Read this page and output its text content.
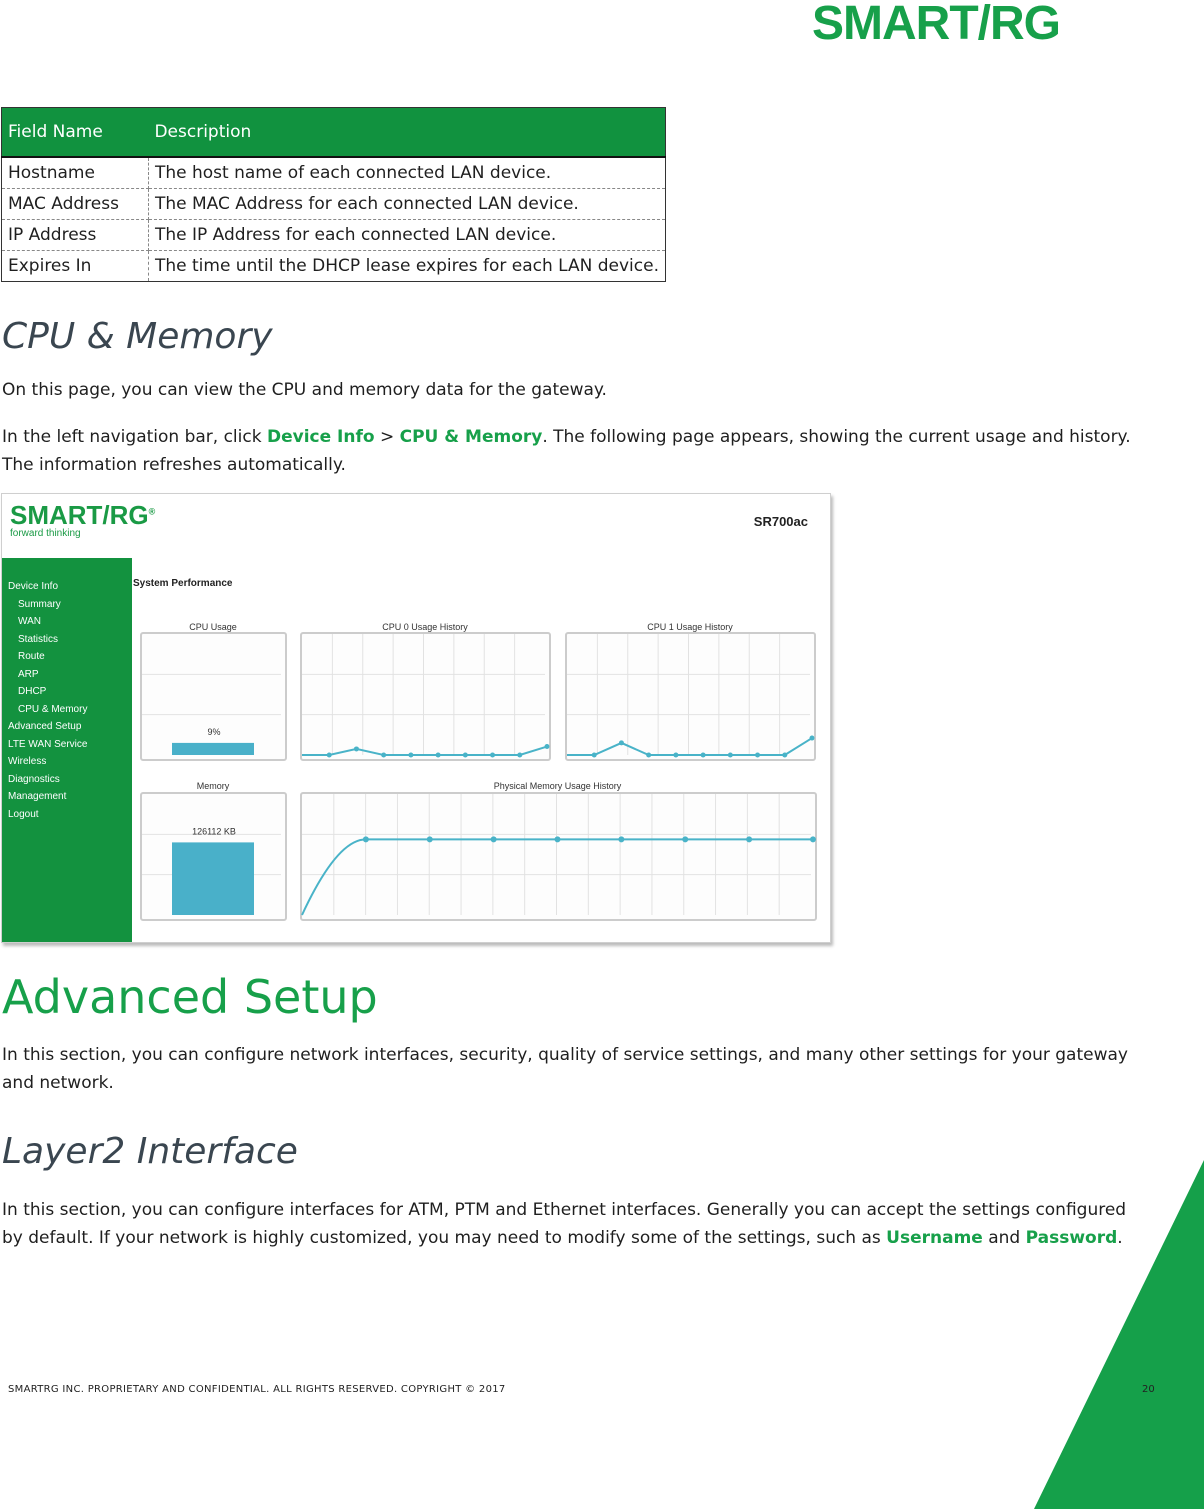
SMART/RG
Field Name	Description
Hostname	The host name of each connected LAN device.
MAC Address	The MAC Address for each connected LAN device.
IP Address	The IP Address for each connected LAN device.
Expires In	The time until the DHCP lease expires for each LAN device.
CPU & Memory

On this page, you can view the CPU and memory data for the gateway.

In the left navigation bar, click Device Info > CPU & Memory. The following page appears, showing the current usage and history. The information refreshes automatically.

SMART/RG®
forward thinking
SR700ac
Device Info
Summary
WAN
Statistics
Route
ARP
DHCP
CPU & Memory
Advanced Setup
LTE WAN Service
Wireless
Diagnostics
Management
Logout
System Performance
CPU Usage	CPU 0 Usage History	CPU 1 Usage History
Memory	Physical Memory Usage History
9%
126112 KB
Advanced Setup

In this section, you can configure network interfaces, security, quality of service settings, and many other settings for your gateway and network.

Layer2 Interface

In this section, you can configure interfaces for ATM, PTM and Ethernet interfaces. Generally you can accept the settings configured by default. If your network is highly customized, you may need to modify some of the settings, such as Username and Password.

SMARTRG INC. PROPRIETARY AND CONFIDENTIAL. ALL RIGHTS RESERVED. COPYRIGHT © 2017	20
